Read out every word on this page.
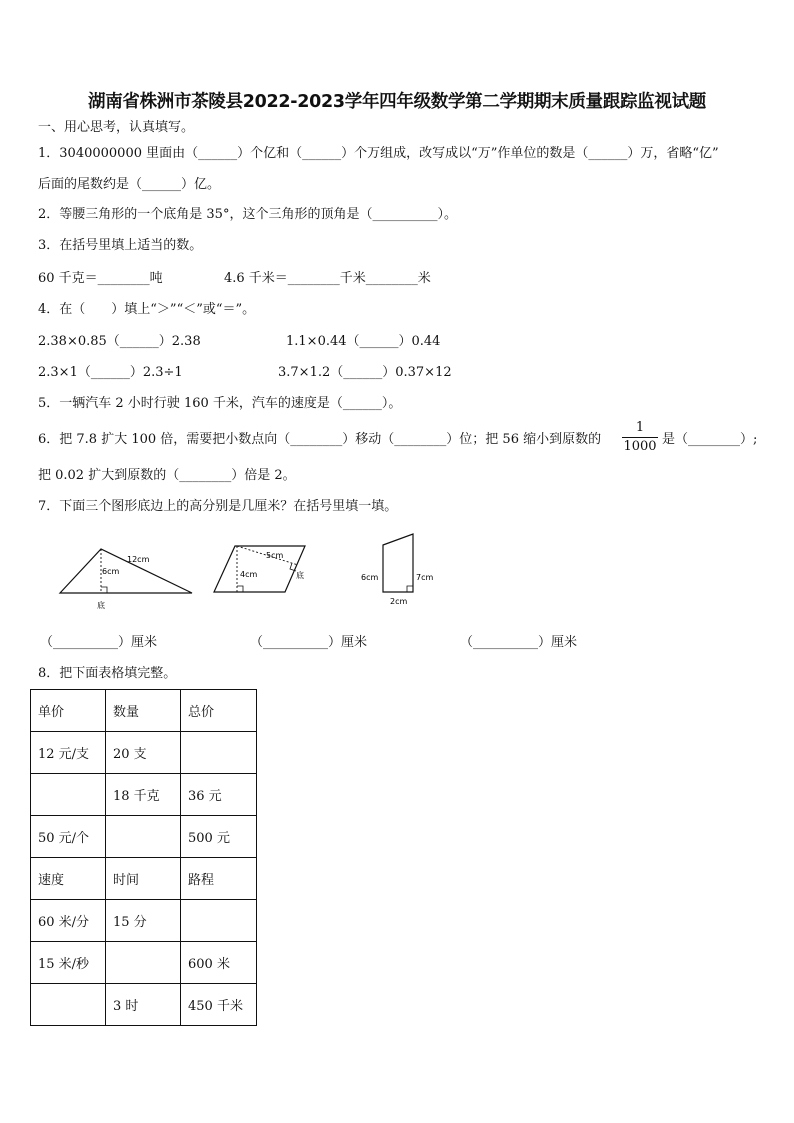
湖南省株洲市茶陵县2022-2023学年四年级数学第二学期期末质量跟踪监视试题
一、用心思考，认真填写。
1．3040000000 里面由（______）个亿和（______）个万组成，改写成以“万”作单位的数是（______）万，省略“亿”
后面的尾数约是（______）亿。
2．等腰三角形的一个底角是 35°，这个三角形的顶角是（__________）。
3．在括号里填上适当的数。
60 千克＝________吨	4.6 千米＝________千米________米
4．在（　　）填上“＞”“＜”或“＝”。
2.38×0.85（______）2.38	1.1×0.44（______）0.44
2.3×1（______）2.3÷1	3.7×1.2（______）0.37×12
5．一辆汽车 2 小时行驶 160 千米，汽车的速度是（______）。
6．把 7.8 扩大 100 倍，需要把小数点向（________）移动（________）位；把 56 缩小到原数的
1
1000 是（________）;
把 0.02 扩大到原数的（________）倍是 2。
7．下面三个图形底边上的高分别是几厘米？在括号里填一填。
12cm
6cm
底
5cm
4cm	底	6cm	7cm
2cm
（__________）厘米	（__________）厘米	（__________）厘米
8．把下面表格填完整。
单价	数量	总价
12 元/支	20 支	
	18 千克	36 元
50 元/个		500 元
速度	时间	路程
60 米/分	15 分	
15 米/秒		600 米
	3 时	450 千米
